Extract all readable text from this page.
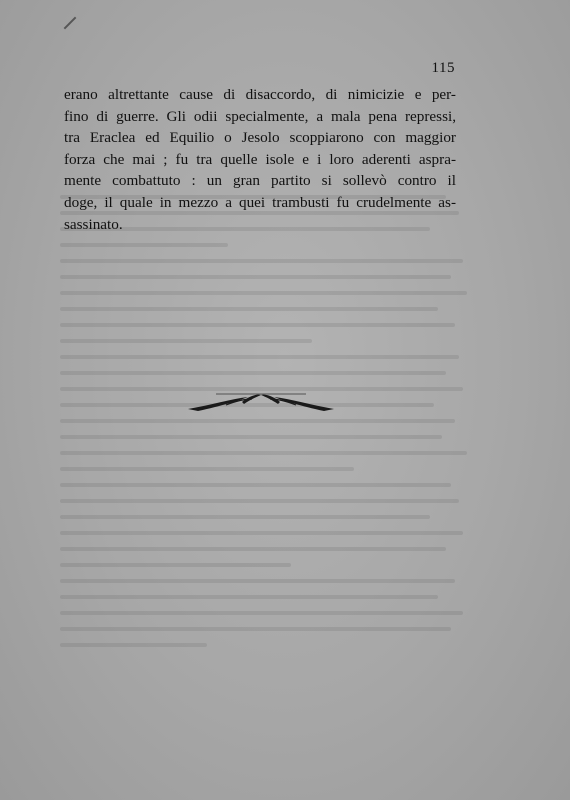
115
erano altrettante cause di disaccordo, di nimicizie e per-
fino di guerre. Gli odii specialmente, a mala pena repressi,
tra Eraclea ed Equilio o Jesolo scoppiarono con maggior
forza che mai ; fu tra quelle isole e i loro aderenti aspra-
mente combattuto : un gran partito si sollevò contro il
doge, il quale in mezzo a quei trambusti fu crudelmente as-
sassinato.
